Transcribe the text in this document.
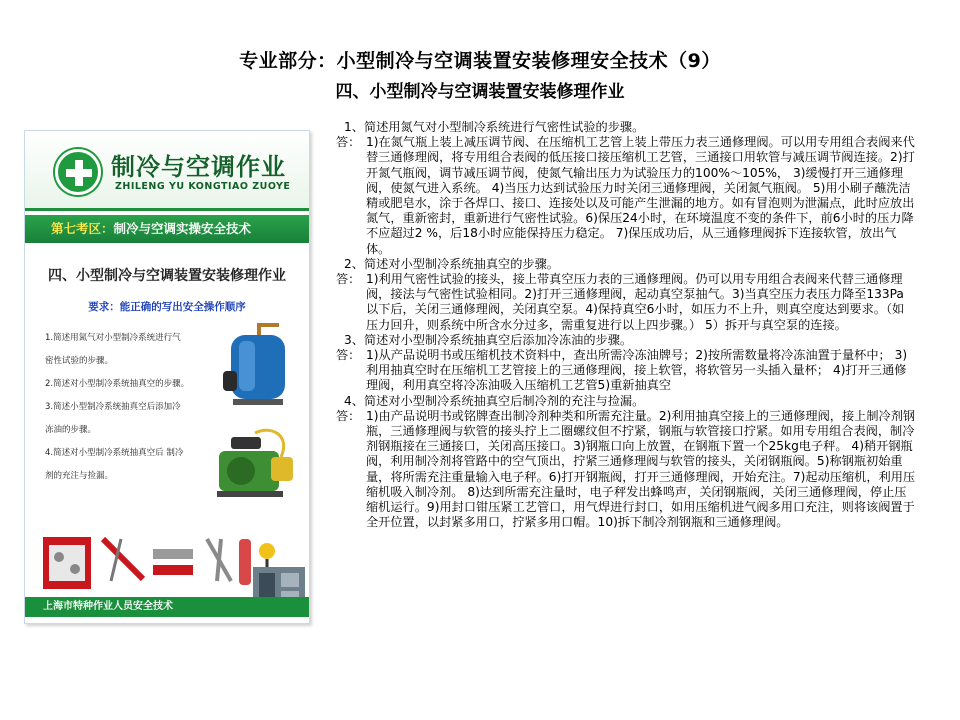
专业部分：小型制冷与空调装置安装修理安全技术（9）
四、小型制冷与空调装置安装修理作业
制冷与空调作业
ZHILENG YU KONGTIAO ZUOYE
第七考区：制冷与空调实操安全技术
四、小型制冷与空调装置安装修理作业
要求：能正确的写出安全操作顺序
1.简述用氮气对小型制冷系统进行气
密性试验的步骤。
2.简述对小型制冷系统抽真空的步骤。
3.简述小型制冷系统抽真空后添加冷
冻油的步骤。
4.简述对小型制冷系统抽真空后 制冷
剂的充注与捡漏。
上海市特种作业人员安全技术
1、简述用氮气对小型制冷系统进行气密性试验的步骤。
答： 1)在氮气瓶上装上减压调节阀、在压缩机工艺管上装上带压力表三通修理阀。可以用专用组合表阀来代替三通修理阀，将专用组合表阀的低压接口接压缩机工艺管，三通接口用软管与减压调节阀连接。2)打开氮气瓶阀，调节减压调节阀，使氮气输出压力为试验压力的100%～105%， 3)缓慢打开三通修理阀，使氮气进入系统。 4)当压力达到试验压力时关闭三通修理阀，关闭氮气瓶阀。 5)用小刷子蘸洗洁精或肥皂水，涂于各焊口、接口、连接处以及可能产生泄漏的地方。如有冒泡则为泄漏点，此时应放出氮气，重新密封，重新进行气密性试验。6)保压24小时，在环境温度不变的条件下，前6小时的压力降不应超过2 %，后18小时应能保持压力稳定。 7)保压成功后，从三通修理阀拆下连接软管，放出气体。
2、简述对小型制冷系统抽真空的步骤。
答： 1)利用气密性试验的接头，接上带真空压力表的三通修理阀。仍可以用专用组合表阀来代替三通修理阀，接法与气密性试验相同。2)打开三通修理阀，起动真空泵抽气。3)当真空压力表压力降至133Pa以下后，关闭三通修理阀，关闭真空泵。4)保持真空6小时，如压力不上升，则真空度达到要求。（如压力回升，则系统中所含水分过多，需重复进行以上四步骤。） 5）拆开与真空泵的连接。
3、简述对小型制冷系统抽真空后添加冷冻油的步骤。
答： 1)从产品说明书或压缩机技术资料中，查出所需冷冻油牌号；2)按所需数量将冷冻油置于量杯中； 3)利用抽真空时在压缩机工艺管接上的三通修理阀，接上软管，将软管另一头插入量杯； 4)打开三通修理阀，利用真空将冷冻油吸入压缩机工艺管5)重新抽真空
4、简述对小型制冷系统抽真空后制冷剂的充注与捡漏。
答： 1)由产品说明书或铭牌查出制冷剂种类和所需充注量。2)利用抽真空接上的三通修理阀，接上制冷剂钢瓶，三通修理阀与软管的接头拧上二圈螺纹但不拧紧，钢瓶与软管接口拧紧。如用专用组合表阀，制冷剂钢瓶接在三通接口，关闭高压接口。3)钢瓶口向上放置，在钢瓶下置一个25kg电子秤。 4)稍开钢瓶阀，利用制冷剂将管路中的空气顶出，拧紧三通修理阀与软管的接头，关闭钢瓶阀。5)称钢瓶初始重量，将所需充注重量输入电子秤。6)打开钢瓶阀，打开三通修理阀，开始充注。7)起动压缩机，利用压缩机吸入制冷剂。 8)达到所需充注量时，电子秤发出蜂鸣声，关闭钢瓶阀，关闭三通修理阀，停止压缩机运行。9)用封口钳压紧工艺管口，用气焊进行封口，如用压缩机进气阀多用口充注，则将该阀置于全开位置，以封紧多用口，拧紧多用口帽。10)拆下制冷剂钢瓶和三通修理阀。
